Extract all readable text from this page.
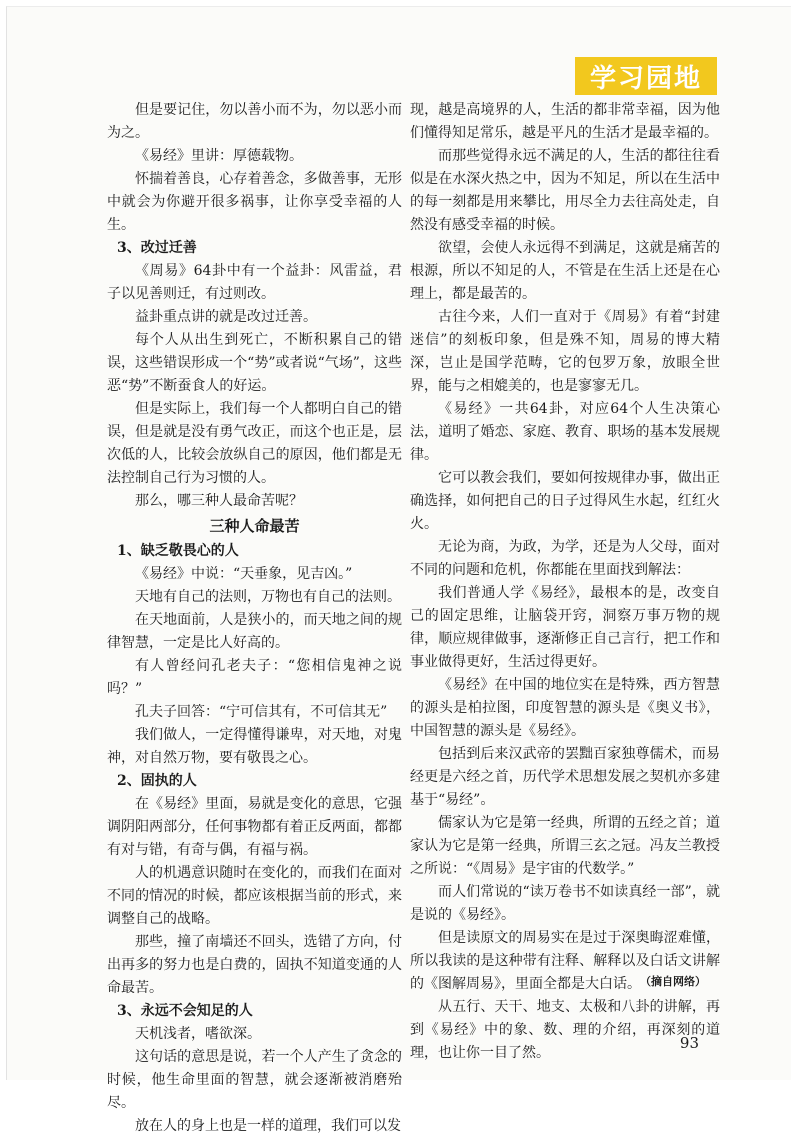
学习园地

但是要记住，勿以善小而不为，勿以恶小而为之。

《易经》里讲：厚德载物。

怀揣着善良，心存着善念，多做善事，无形中就会为你避开很多祸事，让你享受幸福的人生。

3、改过迁善

《周易》64卦中有一个益卦：风雷益，君子以见善则迁，有过则改。

益卦重点讲的就是改过迁善。

每个人从出生到死亡，不断积累自己的错误，这些错误形成一个“势”或者说“气场”，这些恶“势”不断蚕食人的好运。

但是实际上，我们每一个人都明白自己的错误，但是就是没有勇气改正，而这个也正是，层次低的人，比较会放纵自己的原因，他们都是无法控制自己行为习惯的人。

那么，哪三种人最命苦呢？

三种人命最苦
1、缺乏敬畏心的人

《易经》中说：“天垂象，见吉凶。”

天地有自己的法则，万物也有自己的法则。

在天地面前，人是狭小的，而天地之间的规律智慧，一定是比人好高的。

有人曾经问孔老夫子：“您相信鬼神之说吗？”

孔夫子回答：“宁可信其有，不可信其无”

我们做人，一定得懂得谦卑，对天地，对鬼神，对自然万物，要有敬畏之心。

2、固执的人

在《易经》里面，易就是变化的意思，它强调阴阳两部分，任何事物都有着正反两面，都都有对与错，有奇与偶，有福与祸。

人的机遇意识随时在变化的，而我们在面对不同的情况的时候，都应该根据当前的形式，来调整自己的战略。

那些，撞了南墙还不回头，选错了方向，付出再多的努力也是白费的，固执不知道变通的人命最苦。

3、永远不会知足的人

天机浅者，嗜欲深。

这句话的意思是说，若一个人产生了贪念的时候，他生命里面的智慧，就会逐渐被消磨殆尽。

放在人的身上也是一样的道理，我们可以发

现，越是高境界的人，生活的都非常幸福，因为他们懂得知足常乐，越是平凡的生活才是最幸福的。

而那些觉得永远不满足的人，生活的都往往看似是在水深火热之中，因为不知足，所以在生活中的每一刻都是用来攀比，用尽全力去往高处走，自然没有感受幸福的时候。

欲望，会使人永远得不到满足，这就是痛苦的根源，所以不知足的人，不管是在生活上还是在心理上，都是最苦的。

古往今来，人们一直对于《周易》有着“封建迷信”的刻板印象，但是殊不知，周易的博大精深，岂止是国学范畴，它的包罗万象，放眼全世界，能与之相媲美的，也是寥寥无几。

《易经》一共64卦，对应64个人生决策心法，道明了婚恋、家庭、教育、职场的基本发展规律。

它可以教会我们，要如何按规律办事，做出正确选择，如何把自己的日子过得风生水起，红红火火。

无论为商，为政，为学，还是为人父母，面对不同的问题和危机，你都能在里面找到解法：

我们普通人学《易经》，最根本的是，改变自己的固定思维，让脑袋开窍，洞察万事万物的规律，顺应规律做事，逐渐修正自己言行，把工作和事业做得更好，生活过得更好。

《易经》在中国的地位实在是特殊，西方智慧的源头是柏拉图，印度智慧的源头是《奥义书》，中国智慧的源头是《易经》。

包括到后来汉武帝的罢黜百家独尊儒术，而易经更是六经之首，历代学术思想发展之契机亦多建基于“易经”。

儒家认为它是第一经典，所谓的五经之首；道家认为它是第一经典，所谓三玄之冠。冯友兰教授之所说：“《周易》是宇宙的代数学。”

而人们常说的“读万卷书不如读真经一部”，就是说的《易经》。

但是读原文的周易实在是过于深奥晦涩难懂，所以我读的是这种带有注释、解释以及白话文讲解的《图解周易》，里面全都是大白话。

从五行、天干、地支、太极和八卦的讲解，再到《易经》中的象、数、理的介绍，再深刻的道理，也让你一目了然。

（摘自网络）
93
